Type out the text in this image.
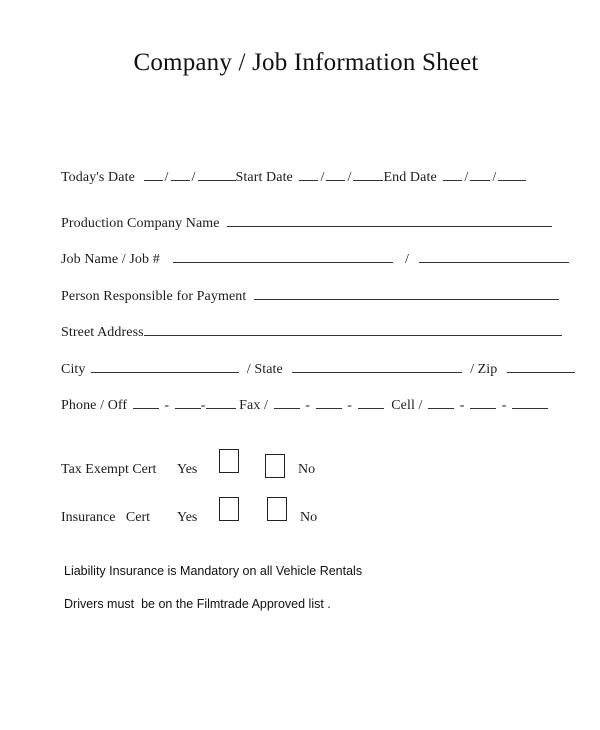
Company / Job Information Sheet
Today's Date / /	Start Date / / End Date / /
Production Company Name
Job Name / Job #	/
Person Responsible for Payment
Street Address
City	/ State	/ Zip
Phone / Off	- - Fax /	-	-	Cell /	-	-
Tax Exempt Cert Yes	No
Insurance   Cert Yes	No
Liability Insurance is Mandatory on all Vehicle Rentals
Drivers must  be on the Filmtrade Approved list .
